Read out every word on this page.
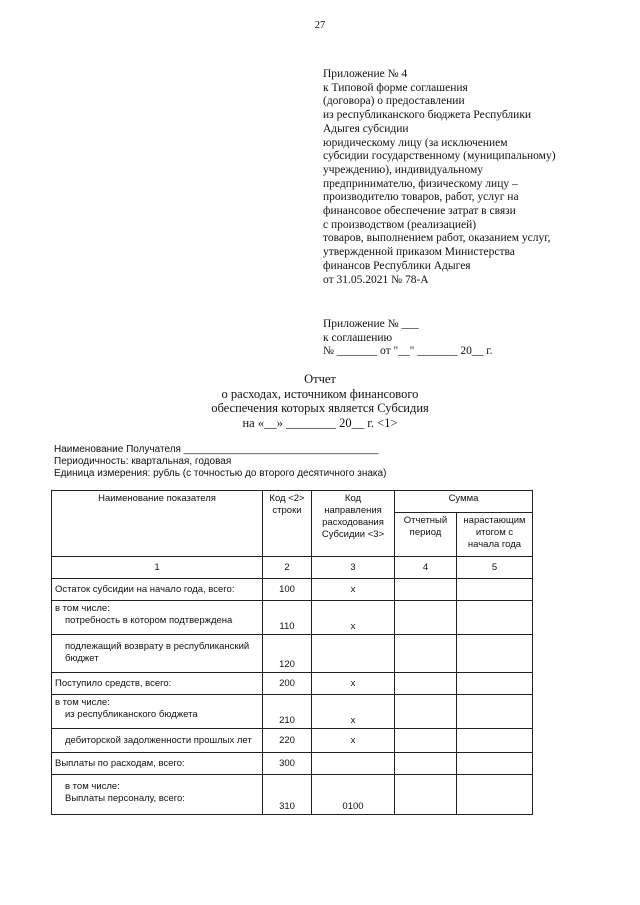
27
Приложение № 4
к Типовой форме соглашения
(договора) о предоставлении
из республиканского бюджета Республики
Адыгея субсидии
юридическому лицу (за исключением
субсидии государственному (муниципальному)
учреждению), индивидуальному
предпринимателю, физическому лицу –
производителю товаров, работ, услуг на
финансовое обеспечение затрат в связи
с производством (реализацией)
товаров, выполнением работ, оказанием услуг,
утвержденной приказом Министерства
финансов Республики Адыгея
от 31.05.2021 № 78-А
Приложение № ___
к соглашению
№ _______ от "__" _______ 20__ г.
Отчет
о расходах, источником финансового
обеспечения которых является Субсидия
на «__» ________ 20__ г. <1>
Наименование Получателя ___________________________________
Периодичность: квартальная, годовая
Единица измерения: рубль (с точностью до второго десятичного знака)
Наименование показателя	Код <2> строки	Код направления расходования Субсидии <3>	Сумма	
			Отчетный период	нарастающим итогом с начала года
1	2	3	4	5
Остаток субсидии на начало года, всего:	100	x		

в том числе:
потребность в котором подтверждена	110	x		

подлежащий возврату в республиканский бюджет	120			
Поступило средств, всего:	200	x		

в том числе:
из республиканского бюджета	210	x		

дебиторской задолженности прошлых лет	220	x		
Выплаты по расходам, всего:	300			

в том числе:
Выплаты персоналу, всего:	310	0100		
